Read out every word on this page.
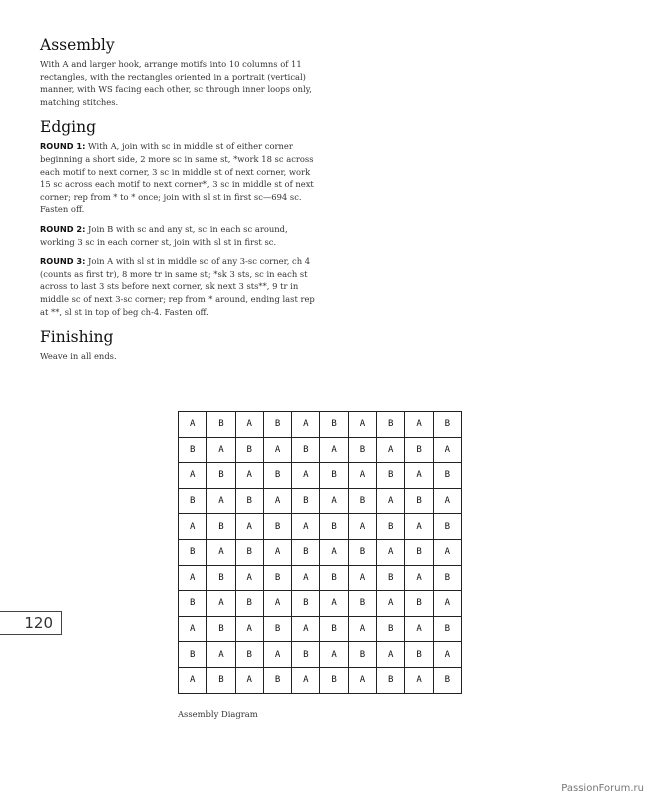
Assembly

With A and larger hook, arrange motifs into 10 columns of 11 rectangles, with the rectangles oriented in a portrait (vertical) manner, with WS facing each other, sc through inner loops only, matching stitches.

Edging

ROUND 1: With A, join with sc in middle st of either corner beginning a short side, 2 more sc in same st, *work 18 sc across each motif to next corner, 3 sc in middle st of next corner, work 15 sc across each motif to next corner*, 3 sc in middle st of next corner; rep from * to * once; join with sl st in first sc—694 sc. Fasten off.

ROUND 2: Join B with sc and any st, sc in each sc around, working 3 sc in each corner st, join with sl st in first sc.

ROUND 3: Join A with sl st in middle sc of any 3-sc corner, ch 4 (counts as first tr), 8 more tr in same st; *sk 3 sts, sc in each st across to last 3 sts before next corner, sk next 3 sts**, 9 tr in middle sc of next 3-sc corner; rep from * around, ending last rep at **, sl st in top of beg ch-4. Fasten off.

Finishing

Weave in all ends.

A	B	A	B	A	B	A	B	A	B
B	A	B	A	B	A	B	A	B	A
A	B	A	B	A	B	A	B	A	B
B	A	B	A	B	A	B	A	B	A
A	B	A	B	A	B	A	B	A	B
B	A	B	A	B	A	B	A	B	A
A	B	A	B	A	B	A	B	A	B
B	A	B	A	B	A	B	A	B	A
A	B	A	B	A	B	A	B	A	B
B	A	B	A	B	A	B	A	B	A
A	B	A	B	A	B	A	B	A	B
Assembly Diagram
120
PassionForum.ru
